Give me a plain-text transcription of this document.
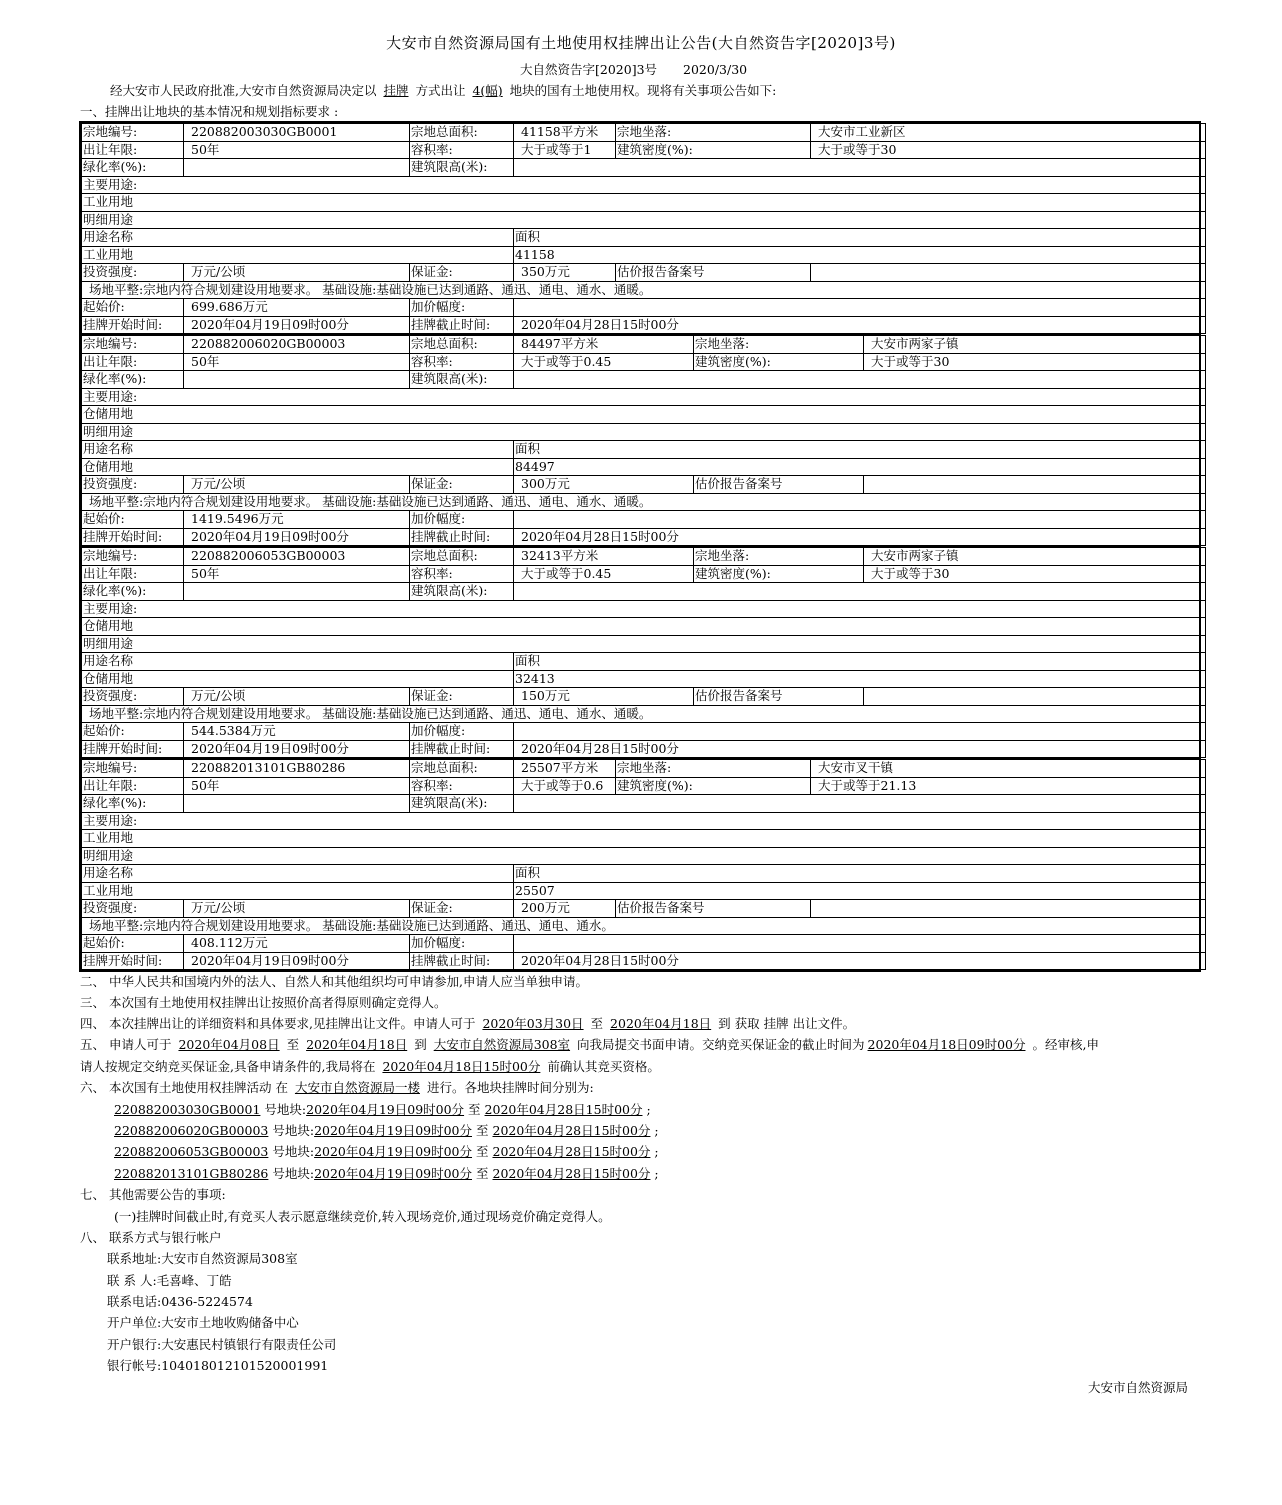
大安市自然资源局国有土地使用权挂牌出让公告(大自然资告字[2020]3号)
大自然资告字[2020]3号 2020/3/30
经大安市人民政府批准,大安市自然资源局决定以 挂牌 方式出让 4(幅) 地块的国有土地使用权。现将有关事项公告如下:
一、挂牌出让地块的基本情况和规划指标要求 :
宗地编号:	220882003030GB0001	宗地总面积:	41158平方米	宗地坐落:	大安市工业新区
出让年限:	50年	容积率:	大于或等于1	建筑密度(%):	大于或等于30
绿化率(%):		建筑限高(米):			
主要用途:					
工业用地					
明细用途					
用途名称			面积		
工业用地			41158		
投资强度:	万元/公顷	保证金:	350万元	估价报告备案号	
场地平整:宗地内符合规划建设用地要求。 基础设施:基础设施已达到通路、通迅、通电、通水、通暖。					
起始价:	699.686万元	加价幅度:			
挂牌开始时间:	2020年04月19日09时00分	挂牌截止时间:	2020年04月28日15时00分		
宗地编号:	220882006020GB00003	宗地总面积:	84497平方米	宗地坐落:	大安市两家子镇
出让年限:	50年	容积率:	大于或等于0.45	建筑密度(%):	大于或等于30
绿化率(%):		建筑限高(米):			
主要用途:					
仓储用地					
明细用途					
用途名称			面积		
仓储用地			84497		
投资强度:	万元/公顷	保证金:	300万元	估价报告备案号	
场地平整:宗地内符合规划建设用地要求。 基础设施:基础设施已达到通路、通迅、通电、通水、通暖。					
起始价:	1419.5496万元	加价幅度:			
挂牌开始时间:	2020年04月19日09时00分	挂牌截止时间:	2020年04月28日15时00分		
宗地编号:	220882006053GB00003	宗地总面积:	32413平方米	宗地坐落:	大安市两家子镇
出让年限:	50年	容积率:	大于或等于0.45	建筑密度(%):	大于或等于30
绿化率(%):		建筑限高(米):			
主要用途:					
仓储用地					
明细用途					
用途名称			面积		
仓储用地			32413		
投资强度:	万元/公顷	保证金:	150万元	估价报告备案号	
场地平整:宗地内符合规划建设用地要求。 基础设施:基础设施已达到通路、通迅、通电、通水、通暖。					
起始价:	544.5384万元	加价幅度:			
挂牌开始时间:	2020年04月19日09时00分	挂牌截止时间:	2020年04月28日15时00分		
宗地编号:	220882013101GB80286	宗地总面积:	25507平方米	宗地坐落:	大安市叉干镇
出让年限:	50年	容积率:	大于或等于0.6	建筑密度(%):	大于或等于21.13
绿化率(%):		建筑限高(米):			
主要用途:					
工业用地					
明细用途					
用途名称			面积		
工业用地			25507		
投资强度:	万元/公顷	保证金:	200万元	估价报告备案号	
场地平整:宗地内符合规划建设用地要求。 基础设施:基础设施已达到通路、通迅、通电、通水。					
起始价:	408.112万元	加价幅度:			
挂牌开始时间:	2020年04月19日09时00分	挂牌截止时间:	2020年04月28日15时00分		
二、 中华人民共和国境内外的法人、自然人和其他组织均可申请参加,申请人应当单独申请。
三、 本次国有土地使用权挂牌出让按照价高者得原则确定竞得人。
四、 本次挂牌出让的详细资料和具体要求,见挂牌出让文件。申请人可于 2020年03月30日 至 2020年04月18日 到 获取 挂牌 出让文件。
五、 申请人可于 2020年04月08日 至 2020年04月18日 到 大安市自然资源局308室 向我局提交书面申请。交纳竞买保证金的截止时间为 2020年04月18日09时00分 。经审核,申
请人按规定交纳竞买保证金,具备申请条件的,我局将在 2020年04月18日15时00分 前确认其竞买资格。
六、 本次国有土地使用权挂牌活动 在 大安市自然资源局一楼 进行。各地块挂牌时间分别为:
220882003030GB0001 号地块:2020年04月19日09时00分 至 2020年04月28日15时00分 ;
220882006020GB00003 号地块:2020年04月19日09时00分 至 2020年04月28日15时00分 ;
220882006053GB00003 号地块:2020年04月19日09时00分 至 2020年04月28日15时00分 ;
220882013101GB80286 号地块:2020年04月19日09时00分 至 2020年04月28日15时00分 ;
七、 其他需要公告的事项:
(一)挂牌时间截止时,有竞买人表示愿意继续竞价,转入现场竞价,通过现场竞价确定竞得人。
八、 联系方式与银行帐户
联系地址:大安市自然资源局308室
联 系 人:毛喜峰、丁皓
联系电话:0436-5224574
开户单位:大安市土地收购储备中心
开户银行:大安惠民村镇银行有限责任公司
银行帐号:104018012101520001991
大安市自然资源局
